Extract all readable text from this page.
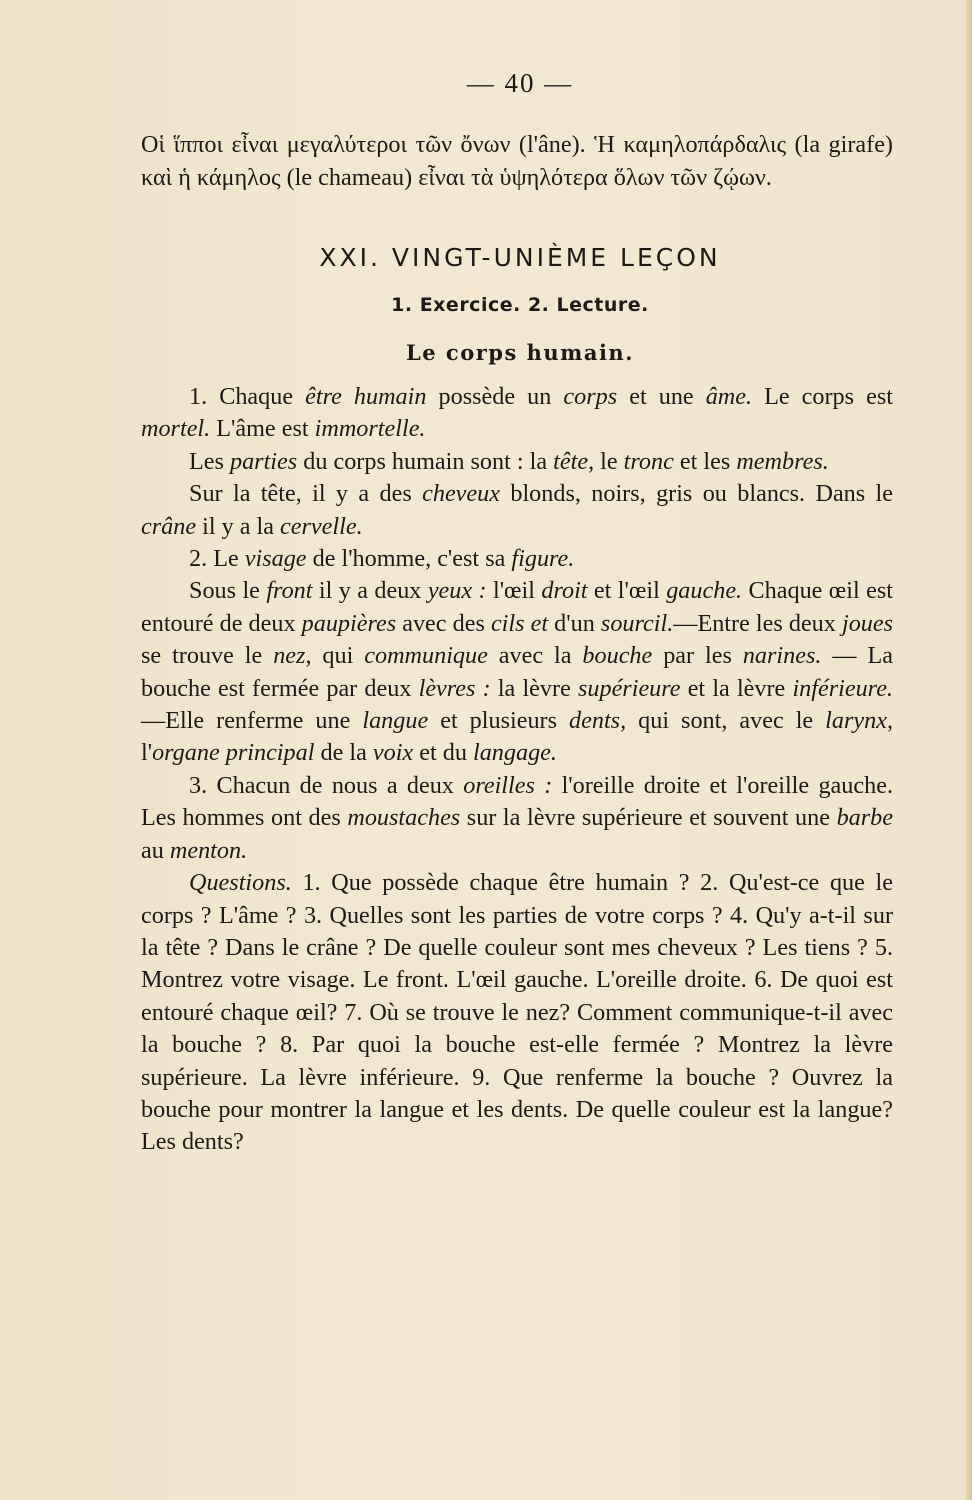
— 40 —
Οἱ ἵπποι εἶναι μεγαλύτεροι τῶν ὄνων (l'âne). Ἡ καμηλοπάρδαλις (la girafe) καὶ ἡ κάμηλος (le chameau) εἶναι τὰ ὑψηλότερα ὅλων τῶν ζῴων.
XXI. VINGT-UNIÈME LEÇON
1. Exercice. 2. Lecture.
Le corps humain.

1. Chaque être humain possède un corps et une âme. Le corps est mortel. L'âme est immortelle.

Les parties du corps humain sont : la tête, le tronc et les membres.

Sur la tête, il y a des cheveux blonds, noirs, gris ou blancs. Dans le crâne il y a la cervelle.

2. Le visage de l'homme, c'est sa figure.

Sous le front il y a deux yeux : l'œil droit et l'œil gauche. Chaque œil est entouré de deux paupières avec des cils et d'un sourcil.—Entre les deux joues se trouve le nez, qui communique avec la bouche par les narines. — La bouche est fermée par deux lèvres : la lèvre supérieure et la lèvre inférieure.—Elle renferme une langue et plusieurs dents, qui sont, avec le larynx, l'organe principal de la voix et du langage.

3. Chacun de nous a deux oreilles : l'oreille droite et l'oreille gauche. Les hommes ont des moustaches sur la lèvre supérieure et souvent une barbe au menton.

Questions. 1. Que possède chaque être humain ? 2. Qu'est-ce que le corps ? L'âme ? 3. Quelles sont les parties de votre corps ? 4. Qu'y a-t-il sur la tête ? Dans le crâne ? De quelle couleur sont mes cheveux ? Les tiens ? 5. Montrez votre visage. Le front. L'œil gauche. L'oreille droite. 6. De quoi est entouré chaque œil? 7. Où se trouve le nez? Comment communique-t-il avec la bouche ? 8. Par quoi la bouche est-elle fermée ? Montrez la lèvre supérieure. La lèvre inférieure. 9. Que renferme la bouche ? Ouvrez la bouche pour montrer la langue et les dents. De quelle couleur est la langue? Les dents?
